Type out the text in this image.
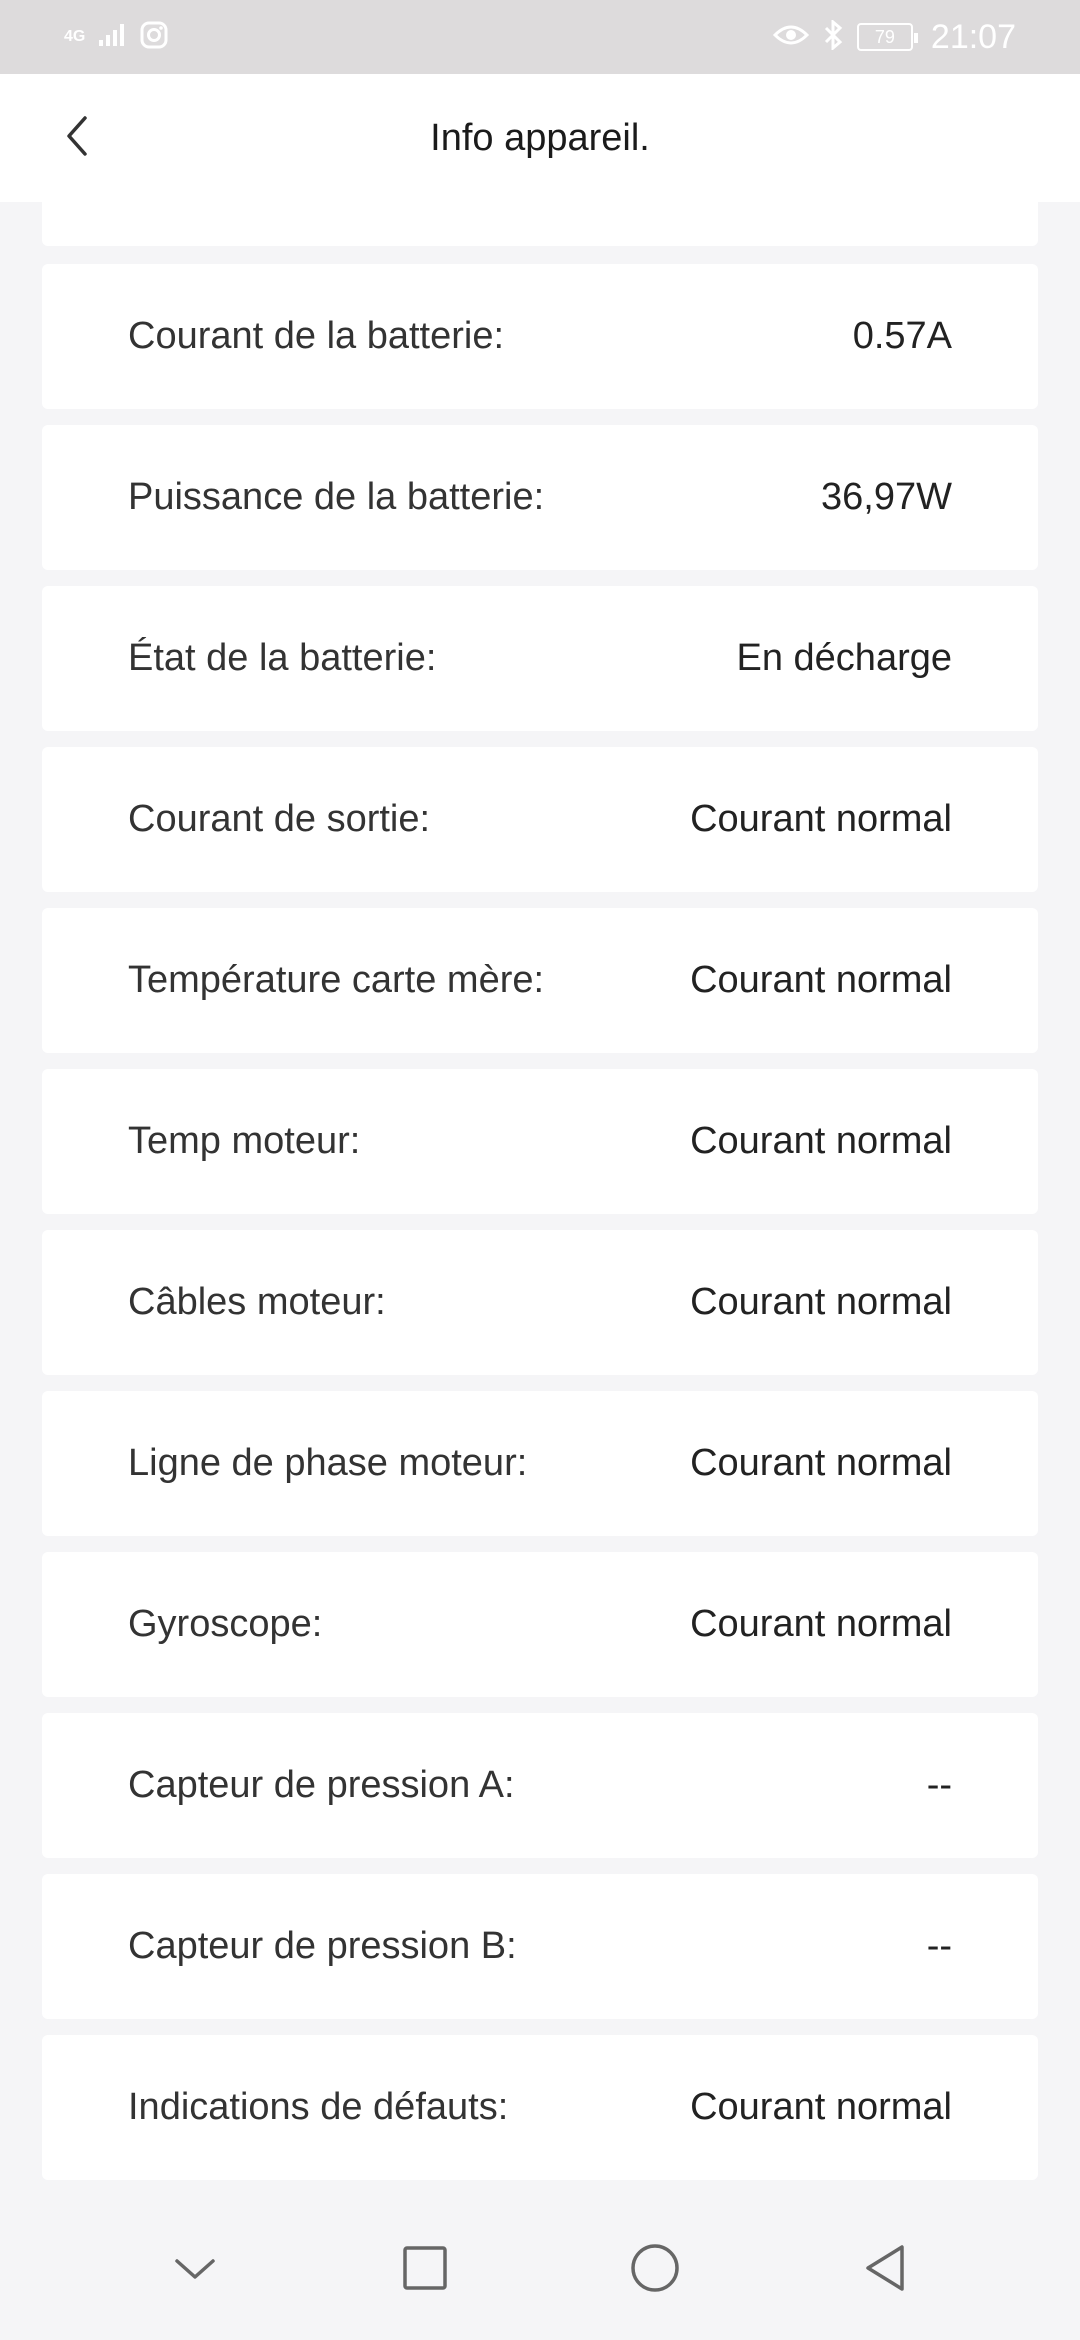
4G	79	21:07
Info appareil.
Courant de la batterie:	0.57A
Puissance de la batterie:	36,97W
État de la batterie:	En décharge
Courant de sortie:	Courant normal
Température carte mère:	Courant normal
Temp moteur:	Courant normal
Câbles moteur:	Courant normal
Ligne de phase moteur:	Courant normal
Gyroscope:	Courant normal
Capteur de pression A:	--
Capteur de pression B:	--
Indications de défauts:	Courant normal
